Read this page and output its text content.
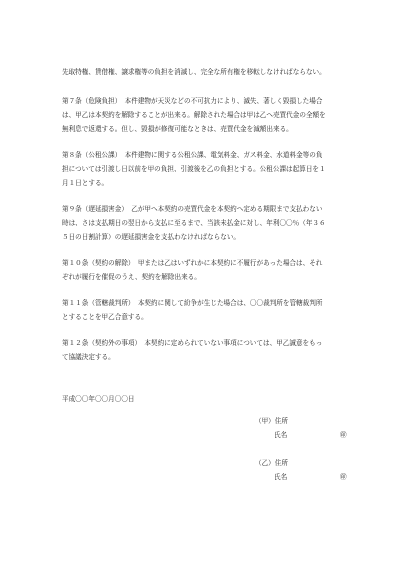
先取特権、賃借権、譲求権等の負担を消滅し、完全な所有権を移転しなければならない。
第７条（危険負担）　本件建物が天災などの不可抗力により、滅失、著しく毀損した場合
は、甲乙は本契約を解除することが出来る。解除された場合は甲は乙へ売買代金の全額を
無利息で返還する。但し、毀損が修復可能なときは、売買代金を減額出来る。
第８条（公租公課）　本件建物に関する公租公課、電気料金、ガス料金、水道料金等の負
担については引渡し日以前を甲の負担、引渡後を乙の負担とする。公租公課は起算日を１
月１日とする。
第９条（遅延損害金）　乙が甲へ本契約の売買代金を本契約へ定める期限まで支払わない
時は、さは支払期日の翌日から支払に至るまで、当該未払金に対し、年利〇〇％（年３６
５日の日割計算）の遅延損害金を支払わなければならない。
第１０条（契約の解除）　甲または乙はいずれかに本契約に不履行があった場合は、それ
ぞれが履行を催促のうえ、契約を解除出来る。
第１１条（管轄裁判所）　本契約に関して紛争が生じた場合は、〇〇裁判所を管轄裁判所
とすることを甲乙合意する。
第１２条（契約外の事項）　本契約に定められていない事項については、甲乙誠意をもっ
て協議決定する。
平成〇〇年〇〇月〇〇日
（甲）住所
氏名	㊞
（乙）住所
氏名	㊞
